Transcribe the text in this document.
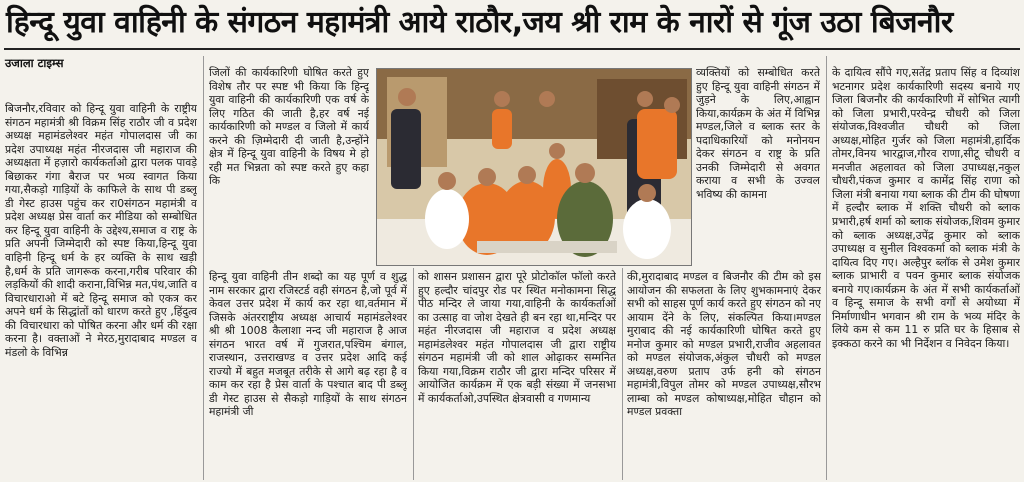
हिन्दू युवा वाहिनी के संगठन महामंत्री आये राठौर,जय श्री राम के नारों से गूंज उठा बिजनौर
उजाला टाइम्स

बिजनौर,रविवार को हिन्दू युवा वाहिनी के राष्ट्रीय संगठन महामंत्री श्री विक्रम सिंह राठौर जी व प्रदेश अध्यक्ष महामंडलेश्वर महंत गोपालदास जी का प्रदेश उपाध्यक्ष महंत नीरजदास जी महाराज की अध्यक्षता में हज़ारो कार्यकर्ताओ द्वारा पलक पावड़े बिछाकर गंगा बैराज पर भव्य स्वागत किया गया,सैकड़ो गाड़ियों के काफिले के साथ पी डब्लू डी गेस्ट हाउस पहुंच कर रा0संगठन महामंत्री व प्रदेश अध्यक्ष प्रेस वार्ता कर मीडिया को सम्बोधित कर हिन्दू युवा वाहिनी के उद्देश्य,समाज व राष्ट्र के प्रति अपनी जिम्मेदारी को स्पष्ट किया,हिन्दू युवा वाहिनी हिन्दू धर्म के हर व्यक्ति के साथ खड़ी है,धर्म के प्रति जागरूक करना,गरीब परिवार की लड़कियों की शादी कराना,विभिन्न मत,पंथ,जाति व विचारधाराओ में बटे हिन्दू समाज को एकत्र कर अपने धर्म के सिद्धांतों को धारण करते हुए ,हिंदुत्व की विचारधारा को पोषित करना और धर्म की रक्षा करना है। वक्ताओं ने मेरठ,मुरादाबाद मण्डल व मंडलो के विभिन्न

जिलों की कार्यकारिणी घोषित करते हुए विशेष तौर पर स्पष्ट भी किया कि हिन्दू युवा वाहिनी की कार्यकारिणी एक वर्ष के लिए गठित की जाती है,हर वर्ष नई कार्यकारिणी को मण्डल व जिलो में कार्य करने की ज़िम्मेदारी दी जाती है,उन्होंने क्षेत्र में हिन्दू युवा वाहिनी के विषय मे हो रही मत भिन्नता को स्पष्ट करते हुए कहा कि

व्यक्तियों को सम्बोधित करते हुए हिन्दू युवा वाहिनी संगठन में जुड़ने के लिए,आह्वान किया,कार्यक्रम के अंत में विभिन्न मण्डल,जिले व ब्लाक स्तर के पदाधिकारियों को मनोनयन देकर संगठन व राष्ट्र के प्रति उनकी जिम्मेदारी से अवगत कराया व सभी के उज्वल भविष्य की कामना

हिन्दू युवा वाहिनी तीन शब्दो का यह पूर्ण व शुद्ध नाम सरकार द्वारा रजिस्टर्ड वही संगठन है,जो पूर्व में केवल उत्तर प्रदेश में कार्य कर रहा था,वर्तमान में जिसके अंतरराष्ट्रीय अध्यक्ष आचार्य महामंडलेश्वर श्री श्री 1008 कैलाशा नन्द जी महाराज है आज संगठन भारत वर्ष में गुजरात,पश्चिम बंगाल, राजस्थान, उत्तराखण्ड व उत्तर प्रदेश आदि कई राज्यो में बहुत मजबूत तरीके से आगे बढ़ रहा है व काम कर रहा है प्रेस वार्ता के पश्चात बाद पी डब्लू डी गेस्ट हाउस से सैकड़ो गाड़ियों के साथ संगठन महामंत्री जी

को शासन प्रशासन द्वारा पूरे प्रोटोकॉल फॉलो करते हुए हल्दौर चांदपुर रोड पर स्थित मनोकामना सिद्ध पीठ मन्दिर ले जाया गया,वाहिनी के कार्यकर्ताओं का उत्साह वा जोश देखते ही बन रहा था,मन्दिर पर महंत नीरजदास जी महाराज व प्रदेश अध्यक्ष महामंडलेश्वर महंत गोपालदास जी द्वारा राष्ट्रीय संगठन महामंत्री जी को शाल ओढ़ाकर सम्मनित किया गया,विक्रम राठौर जी द्वारा मन्दिर परिसर में आयोजित कार्यक्रम में एक बड़ी संख्या में जनसभा में कार्यकर्ताओ,उपस्थित क्षेत्रवासी व गणमान्य

की,मुरादाबाद मण्डल व बिजनौर की टीम को इस आयोजन की सफलता के लिए शुभकामनाएं देकर सभी को साहस पूर्ण कार्य करते हुए संगठन को नए आयाम देंने के लिए, संकल्पित किया।मण्डल मुराबाद की नई कार्यकारिणी घोषित करते हुए मनोज कुमार को मण्डल प्रभारी,राजीव अहलावत को मण्डल संयोजक,अंकुल चौधरी को मण्डल अध्यक्ष,वरुण प्रताप उर्फ हनी को संगठन महामंत्री,विपुल तोमर को मण्डल उपाध्यक्ष,सौरभ लाम्बा को मण्डल कोषाध्यक्ष,मोहित चौहान को मण्डल प्रवक्ता

के दायित्व सौंपे गए,सतेंद्र प्रताप सिंह व दिव्यांश भटनागर प्रदेश कार्यकारिणी सदस्य बनाये गए जिला बिजनौर की कार्यकारिणी में सोभित त्यागी को जिला प्रभारी,परवेन्द्र चौधरी को जिला संयोजक,विश्वजीत चौधरी को जिला अध्यक्ष,मोहित गुर्जर को जिला महामंत्री,हार्दिक तोमर,विनय भारद्वाज,गौरव राणा,सीटू चौधरी व मनजीत अहलावत को जिला उपाध्यक्ष,नकुल चौधरी,पंकज कुमार व कामेंद्र सिंह राणा को जिला मंत्री बनाया गया ब्लाक की टीम की घोषणा में हल्दौर ब्लाक में शक्ति चौधरी को ब्लाक प्रभारी,हर्ष शर्मा को ब्लाक संयोजक,शिवम कुमार को ब्लाक अध्यक्ष,उपेंद्र कुमार को ब्लाक उपाध्यक्ष व सुनील विश्वकर्मा को ब्लाक मंत्री के दायित्व दिए गए। अल्हैपुर ब्लॉक से उमेश कुमार ब्लाक प्राभारी व पवन कुमार ब्लाक संयोजक बनाये गए।कार्यक्रम के अंत में सभी कार्यकर्ताओं व हिन्दू समाज के सभी वर्गों से अयोध्या में निर्माणाधीन भगवान श्री राम के भव्य मंदिर के लिये कम से कम 11 रु प्रति घर के हिसाब से इक्कठा करने का भी निर्देशन व निवेदन किया।
